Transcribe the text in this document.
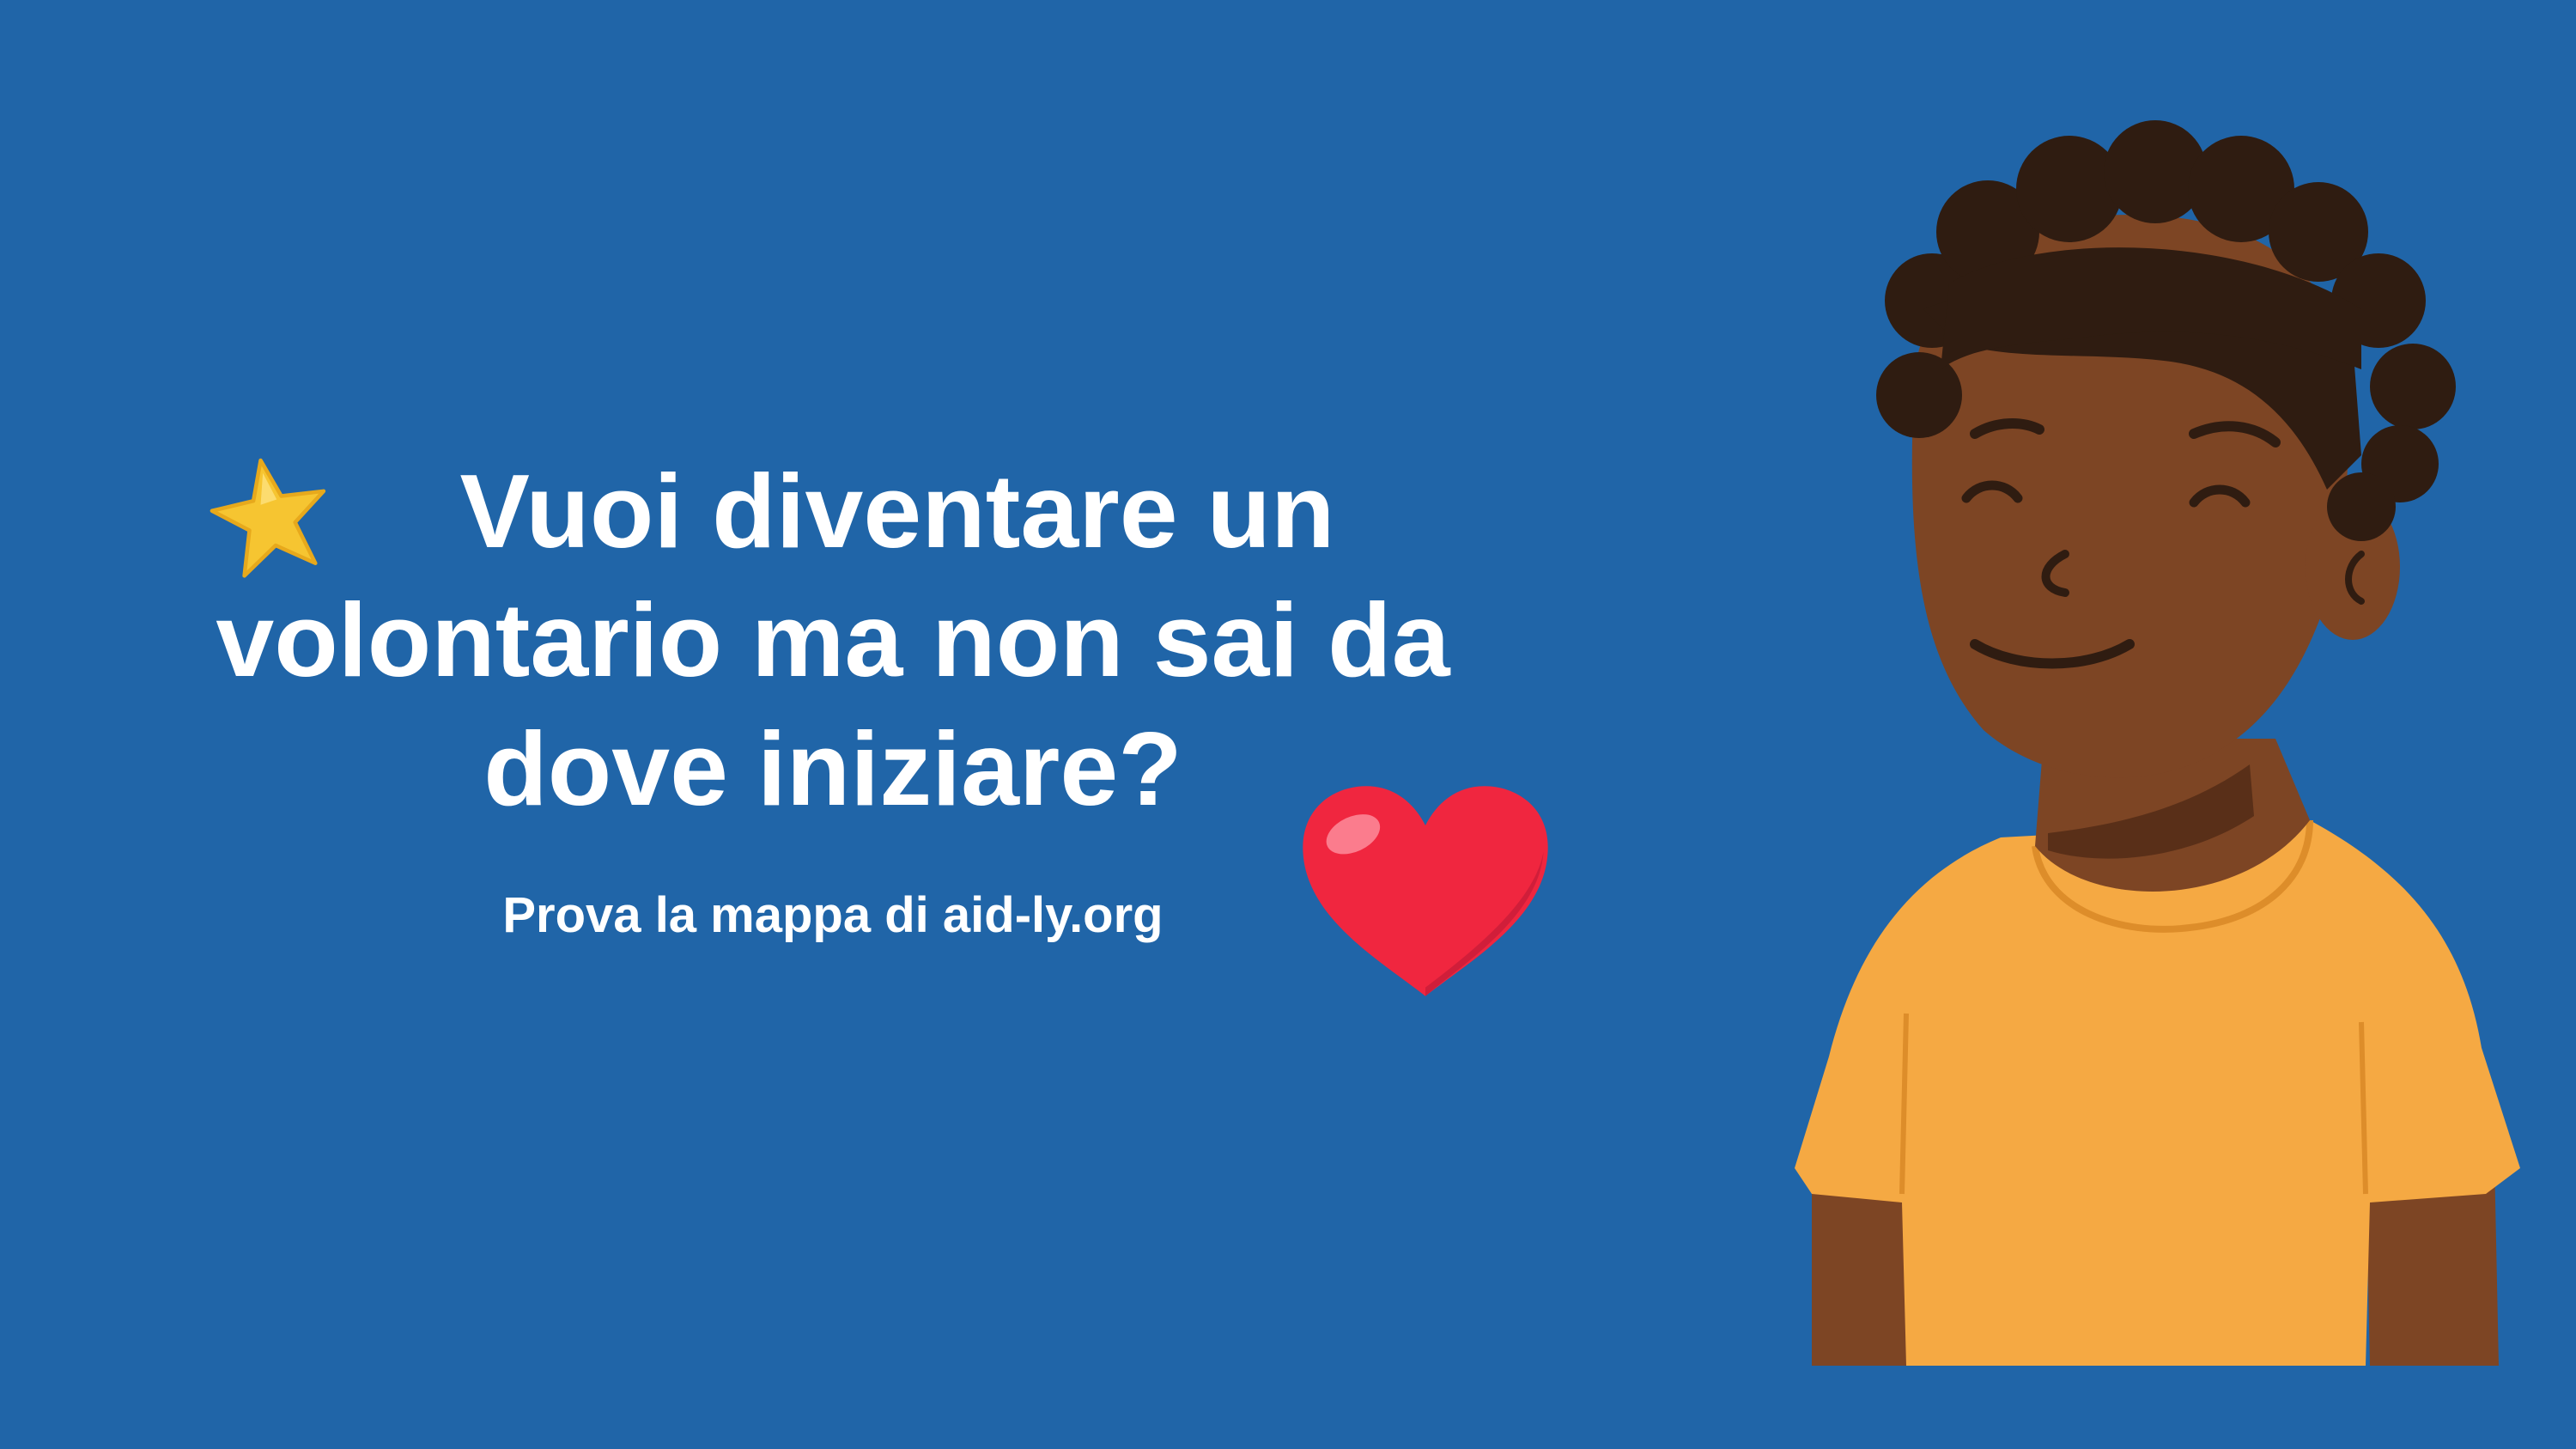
Vuoi diventare un
volontario ma non sai da
dove iniziare?

Prova la mappa di aid-ly.org
